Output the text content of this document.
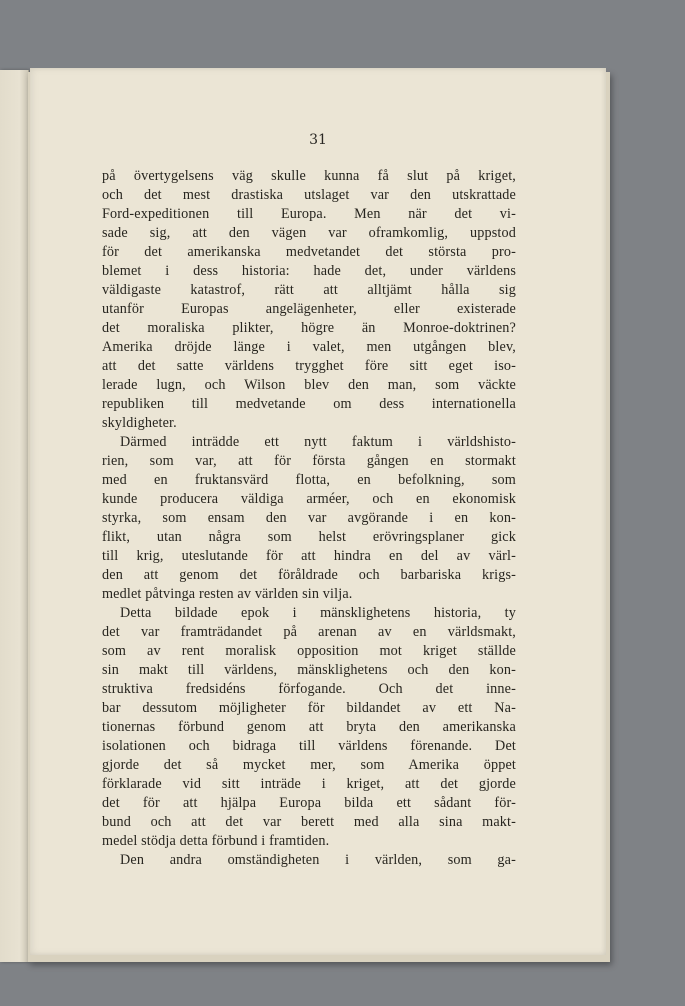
31
på övertygelsens väg skulle kunna få slut på kriget,
och det mest drastiska utslaget var den utskrattade
Ford-expeditionen till Europa. Men när det vi-
sade sig, att den vägen var oframkomlig, uppstod
för det amerikanska medvetandet det största pro-
blemet i dess historia: hade det, under världens
väldigaste katastrof, rätt att alltjämt hålla sig
utanför Europas angelägenheter, eller existerade
det moraliska plikter, högre än Monroe-doktrinen?
Amerika dröjde länge i valet, men utgången blev,
att det satte världens trygghet före sitt eget iso-
lerade lugn, och Wilson blev den man, som väckte
republiken till medvetande om dess internationella
skyldigheter.
Därmed inträdde ett nytt faktum i världshisto-
rien, som var, att för första gången en stormakt
med en fruktansvärd flotta, en befolkning, som
kunde producera väldiga arméer, och en ekonomisk
styrka, som ensam den var avgörande i en kon-
flikt, utan några som helst erövringsplaner gick
till krig, uteslutande för att hindra en del av värl-
den att genom det föråldrade och barbariska krigs-
medlet påtvinga resten av världen sin vilja.
Detta bildade epok i mänsklighetens historia, ty
det var framträdandet på arenan av en världsmakt,
som av rent moralisk opposition mot kriget ställde
sin makt till världens, mänsklighetens och den kon-
struktiva fredsidéns förfogande. Och det inne-
bar dessutom möjligheter för bildandet av ett Na-
tionernas förbund genom att bryta den amerikanska
isolationen och bidraga till världens förenande. Det
gjorde det så mycket mer, som Amerika öppet
förklarade vid sitt inträde i kriget, att det gjorde
det för att hjälpa Europa bilda ett sådant för-
bund och att det var berett med alla sina makt-
medel stödja detta förbund i framtiden.
Den andra omständigheten i världen, som ga-
